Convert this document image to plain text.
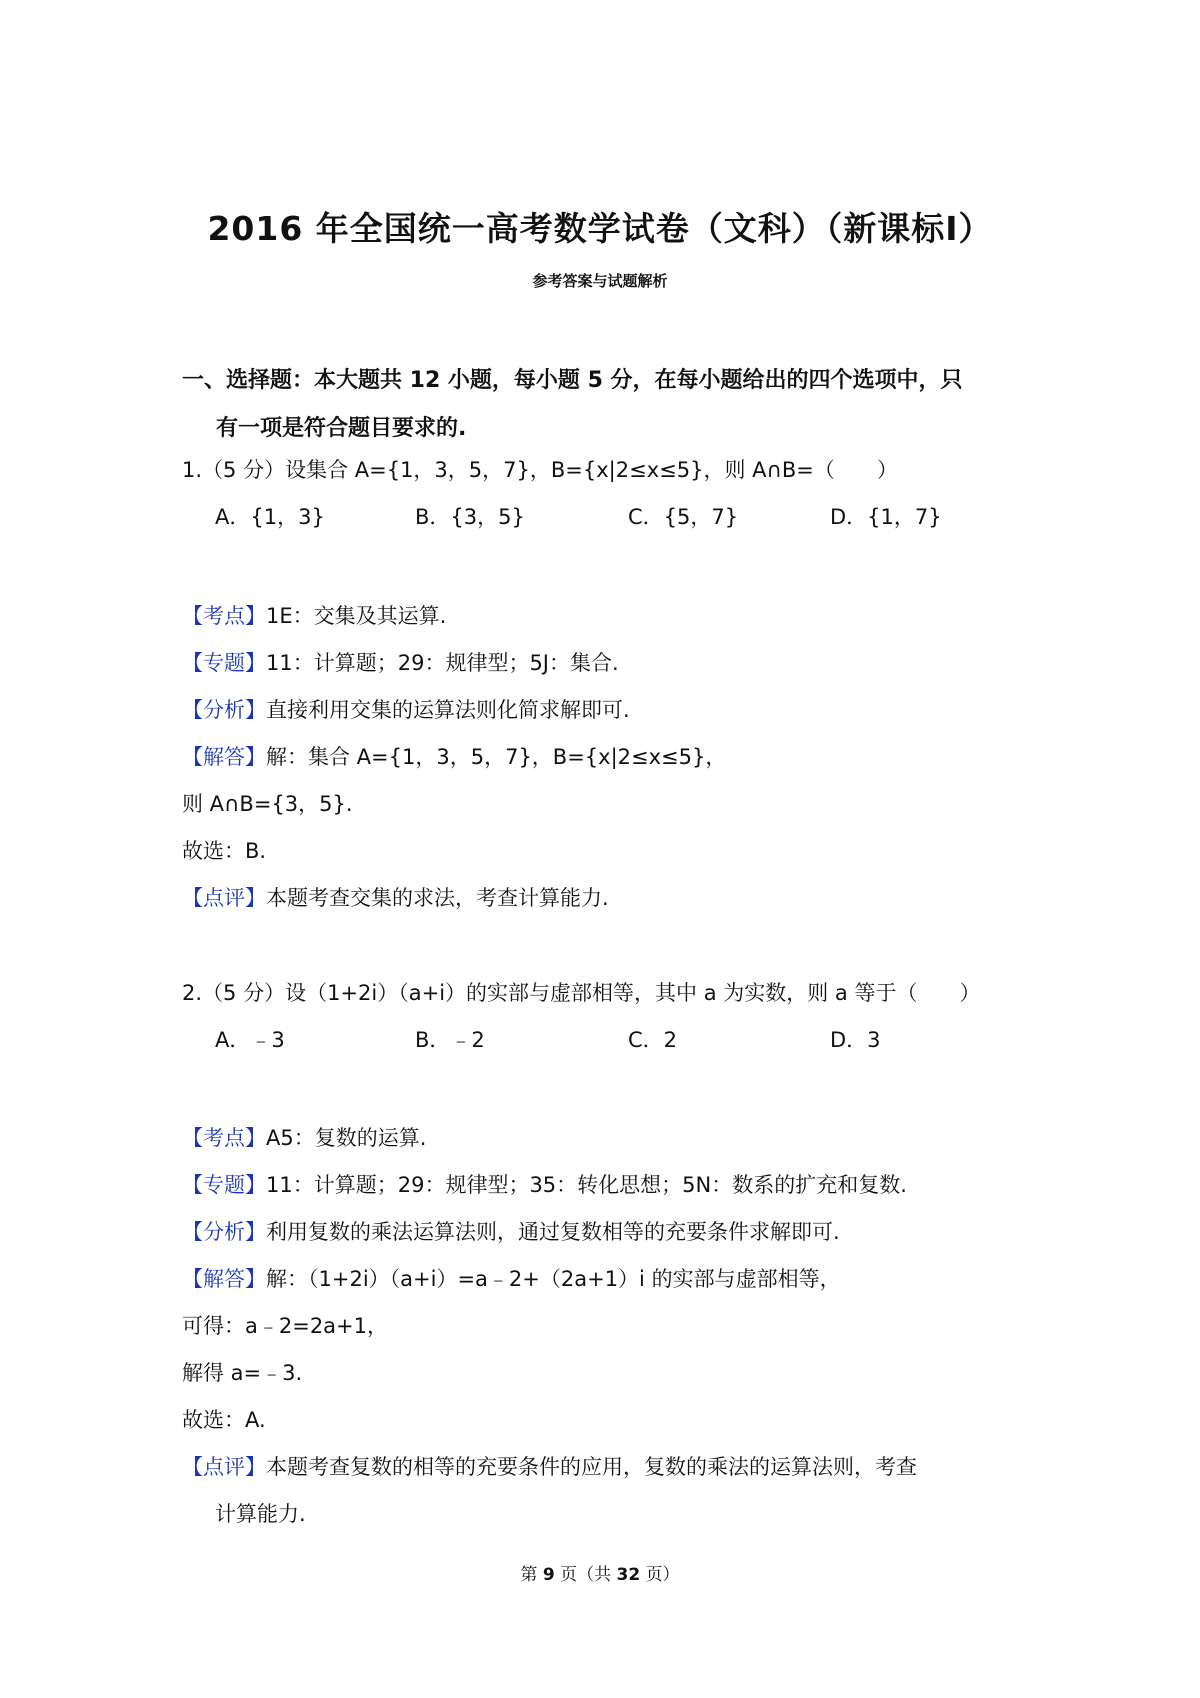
2016 年全国统一高考数学试卷（文科）（新课标Ⅰ）
参考答案与试题解析
一、选择题：本大题共 12 小题，每小题 5 分，在每小题给出的四个选项中，只
有一项是符合题目要求的.
1.（5 分）设集合 A={1，3，5，7}，B={x|2≤x≤5}，则 A∩B=（　　）
A．{1，3}	B．{3，5}	C．{5，7}	D．{1，7}
【考点】1E：交集及其运算.
【专题】11：计算题；29：规律型；5J：集合.
【分析】直接利用交集的运算法则化简求解即可.
【解答】解：集合 A={1，3，5，7}，B={x|2≤x≤5}，
则 A∩B={3，5}.
故选：B.
【点评】本题考查交集的求法，考查计算能力.
2.（5 分）设（1+2i）（a+i）的实部与虚部相等，其中 a 为实数，则 a 等于（　　）
A．﹣3	B．﹣2	C．2	D．3
【考点】A5：复数的运算.
【专题】11：计算题；29：规律型；35：转化思想；5N：数系的扩充和复数.
【分析】利用复数的乘法运算法则，通过复数相等的充要条件求解即可.
【解答】解：（1+2i）（a+i）=a﹣2+（2a+1）i 的实部与虚部相等，
可得：a﹣2=2a+1，
解得 a=﹣3.
故选：A.
【点评】本题考查复数的相等的充要条件的应用，复数的乘法的运算法则，考查
计算能力.
第 9 页（共 32 页）
